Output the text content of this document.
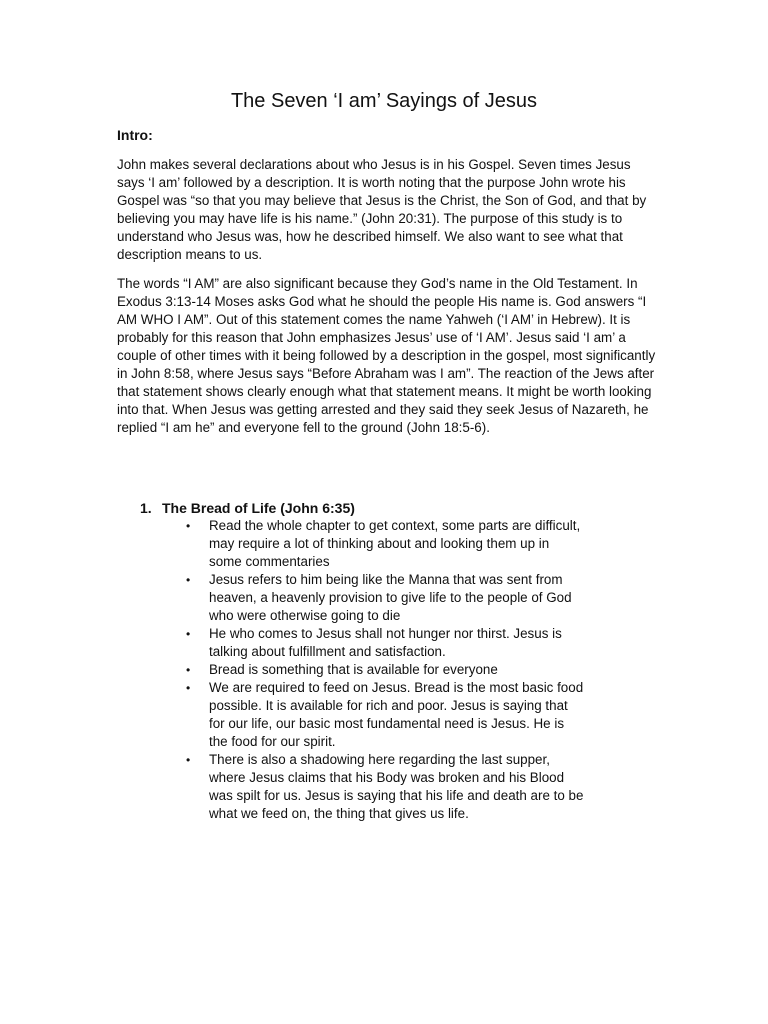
The Seven ‘I am’ Sayings of Jesus
Intro:

John makes several declarations about who Jesus is in his Gospel. Seven times Jesus says ‘I am’ followed by a description. It is worth noting that the purpose John wrote his Gospel was “so that you may believe that Jesus is the Christ, the Son of God, and that by believing you may have life is his name.” (John 20:31). The purpose of this study is to understand who Jesus was, how he described himself. We also want to see what that description means to us.

The words “I AM” are also significant because they God’s name in the Old Testament. In Exodus 3:13-14 Moses asks God what he should the people His name is. God answers “I AM WHO I AM”. Out of this statement comes the name Yahweh (‘I AM’ in Hebrew). It is probably for this reason that John emphasizes Jesus’ use of ‘I AM’. Jesus said ‘I am’ a couple of other times with it being followed by a description in the gospel, most significantly in John 8:58, where Jesus says “Before Abraham was I am”. The reaction of the Jews after that statement shows clearly enough what that statement means. It might be worth looking into that. When Jesus was getting arrested and they said they seek Jesus of Nazareth, he replied “I am he” and everyone fell to the ground (John 18:5-6).

1. The Bread of Life (John 6:35)
• Read the whole chapter to get context, some parts are difficult, may require a lot of thinking about and looking them up in some commentaries
• Jesus refers to him being like the Manna that was sent from heaven, a heavenly provision to give life to the people of God who were otherwise going to die
• He who comes to Jesus shall not hunger nor thirst. Jesus is talking about fulfillment and satisfaction.
• Bread is something that is available for everyone
• We are required to feed on Jesus. Bread is the most basic food possible. It is available for rich and poor. Jesus is saying that for our life, our basic most fundamental need is Jesus. He is the food for our spirit.
• There is also a shadowing here regarding the last supper, where Jesus claims that his Body was broken and his Blood was spilt for us. Jesus is saying that his life and death are to be what we feed on, the thing that gives us life.
